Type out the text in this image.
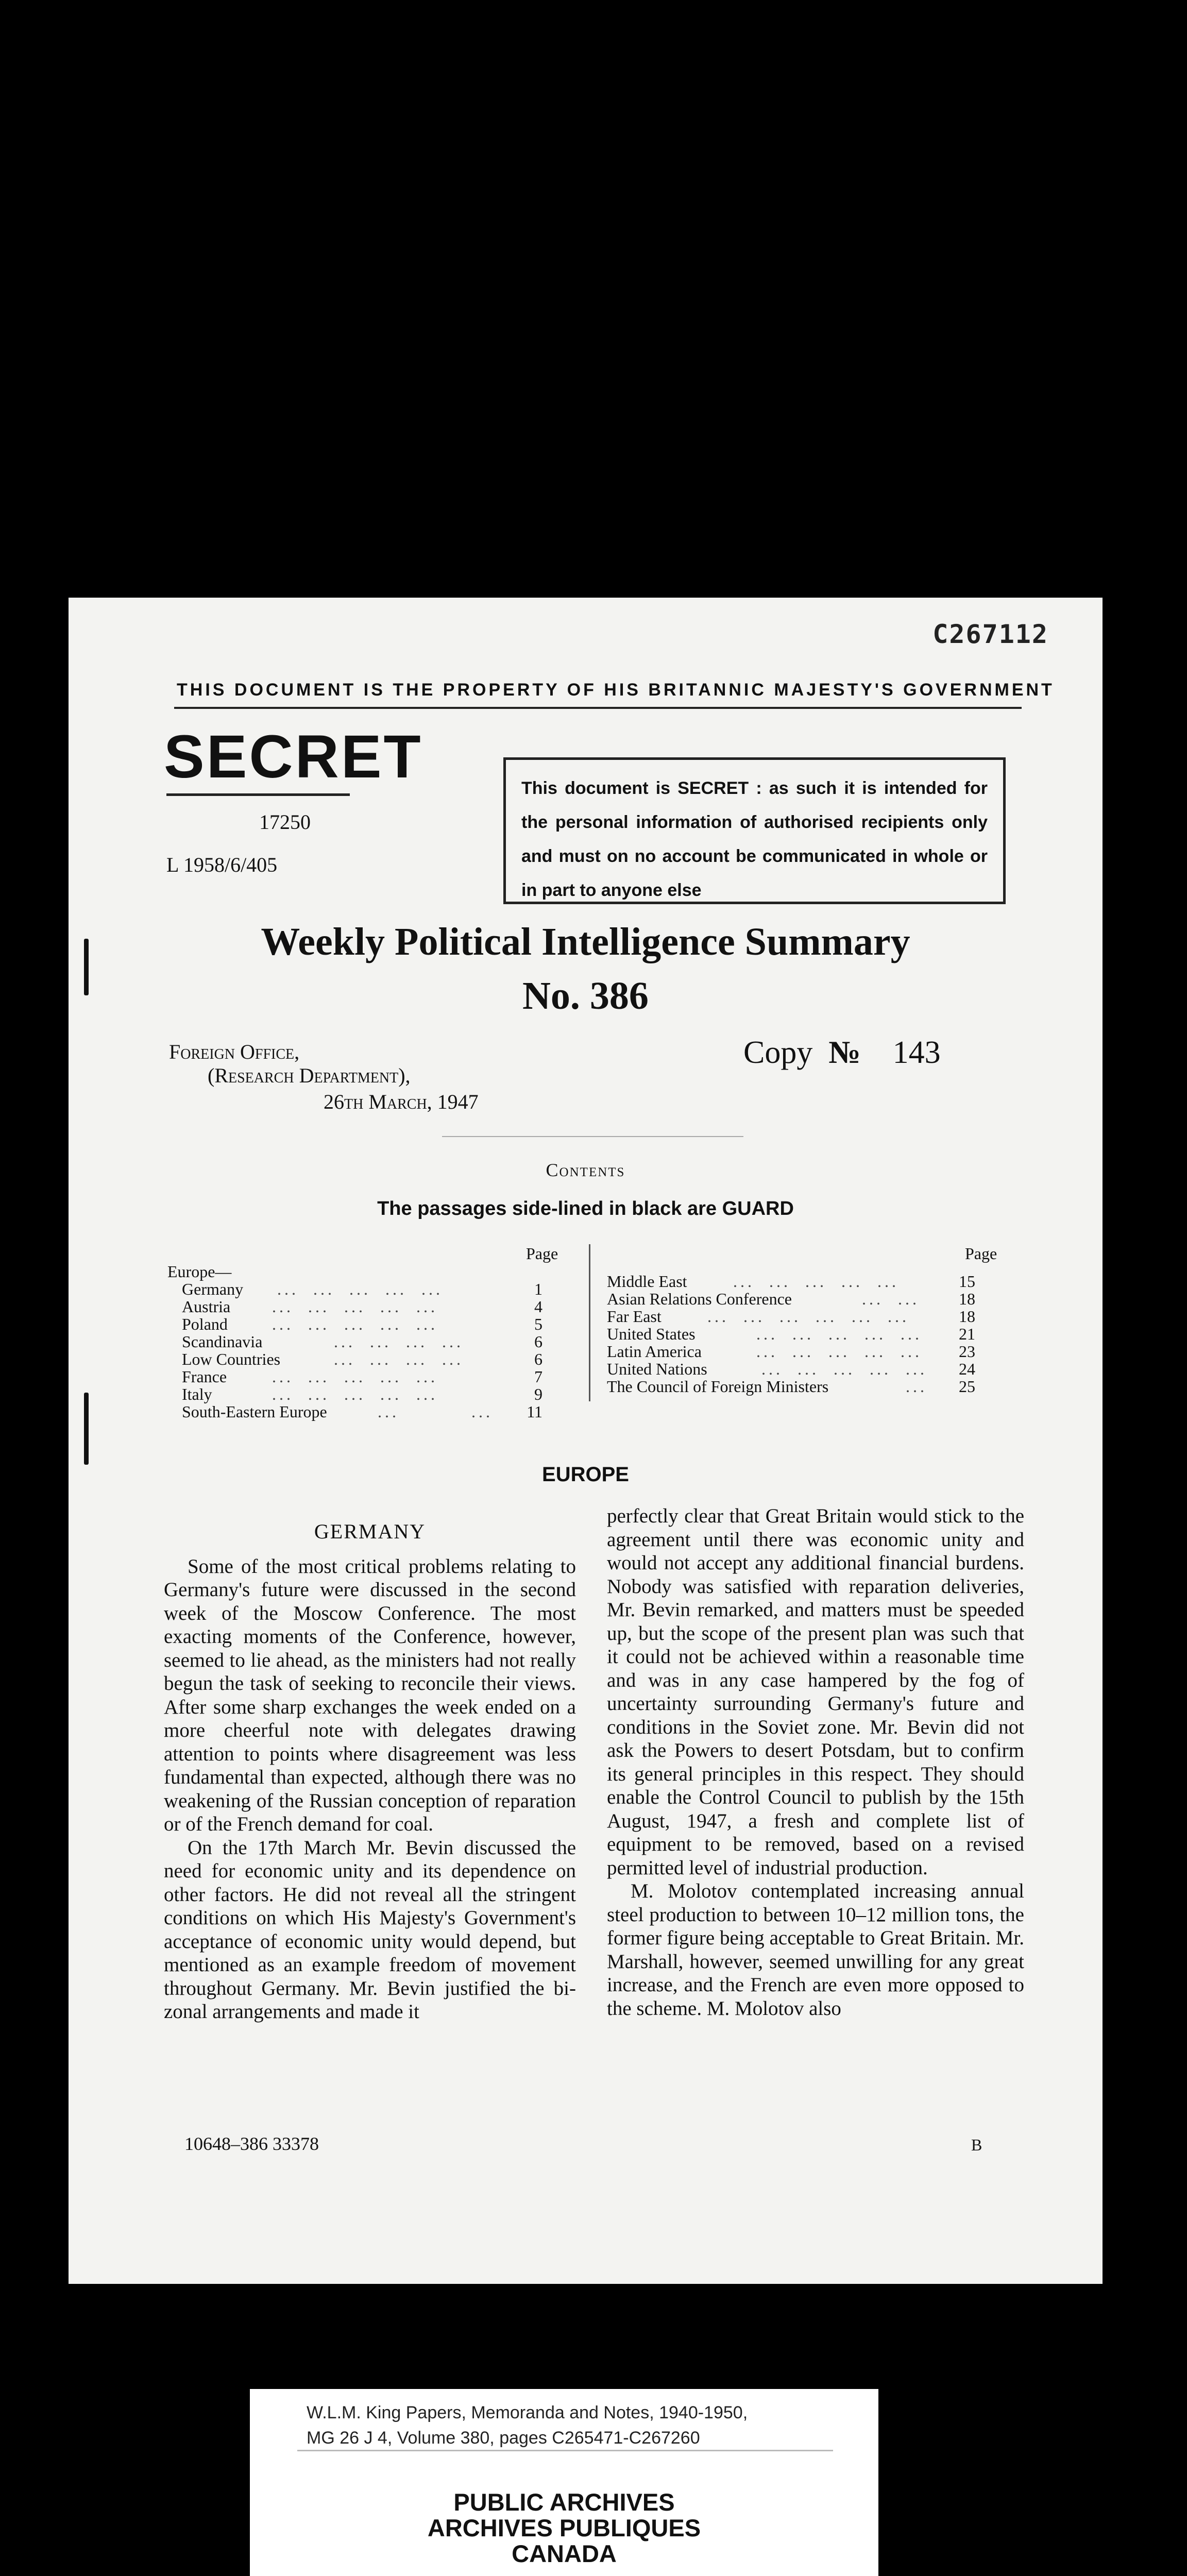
C267112
THIS DOCUMENT IS THE PROPERTY OF HIS BRITANNIC MAJESTY'S GOVERNMENT
SECRET
17250
L 1958/6/405
This document is SECRET : as such it is intended for the personal information of authorised recipients only and must on no account be communicated in whole or in part to anyone else
Weekly Political Intelligence Summary
No. 386
Foreign Office,
(Research Department),
26th March, 1947
Copy № 143
Contents
The passages side-lined in black are GUARD
Page
Europe—
Germany ...  ...  ...  ...  ...	1
Austria	...  ...  ...  ...  ...	4
Poland	...  ...  ...  ...  ...	5
Scandinavia	...  ...  ...  ...	6
Low Countries	...  ...  ...  ...	6
France	...  ...  ...  ...  ...	7
Italy	...  ...  ...  ...  ...	9
South-Eastern Europe	...          ...	11
Page
Middle East	...  ...  ...  ...  ...	15
Asian Relations Conference	...  ...	18
Far East	...  ...  ...  ...  ...  ...	18
United States	...  ...  ...  ...  ...	21
Latin America	...  ...  ...  ...  ...	23
United Nations	...  ...  ...  ...  ...	24
The Council of Foreign Ministers	...	25
EUROPE
GERMANY

Some of the most critical problems relating to Germany's future were discussed in the second week of the Moscow Conference. The most exacting moments of the Conference, however, seemed to lie ahead, as the ministers had not really begun the task of seeking to reconcile their views. After some sharp exchanges the week ended on a more cheerful note with delegates drawing attention to points where disagreement was less fundamental than expected, although there was no weakening of the Russian conception of reparation or of the French demand for coal.

On the 17th March Mr. Bevin discussed the need for economic unity and its dependence on other factors. He did not reveal all the stringent conditions on which His Majesty's Government's acceptance of economic unity would depend, but mentioned as an example freedom of movement throughout Germany. Mr. Bevin justified the bi-zonal arrangements and made it

perfectly clear that Great Britain would stick to the agreement until there was economic unity and would not accept any additional financial burdens. Nobody was satisfied with reparation deliveries, Mr. Bevin remarked, and matters must be speeded up, but the scope of the present plan was such that it could not be achieved within a reasonable time and was in any case hampered by the fog of uncertainty surrounding Germany's future and conditions in the Soviet zone. Mr. Bevin did not ask the Powers to desert Potsdam, but to confirm its general principles in this respect. They should enable the Control Council to publish by the 15th August, 1947, a fresh and complete list of equipment to be removed, based on a revised permitted level of industrial production.

M. Molotov contemplated increasing annual steel production to between 10–12 million tons, the former figure being acceptable to Great Britain. Mr. Marshall, however, seemed unwilling for any great increase, and the French are even more opposed to the scheme. M. Molotov also

10648–386 33378	B
W.L.M. King Papers, Memoranda and Notes, 1940-1950,
MG 26 J 4, Volume 380, pages C265471-C267260
PUBLIC ARCHIVES
ARCHIVES PUBLIQUES
CANADA
